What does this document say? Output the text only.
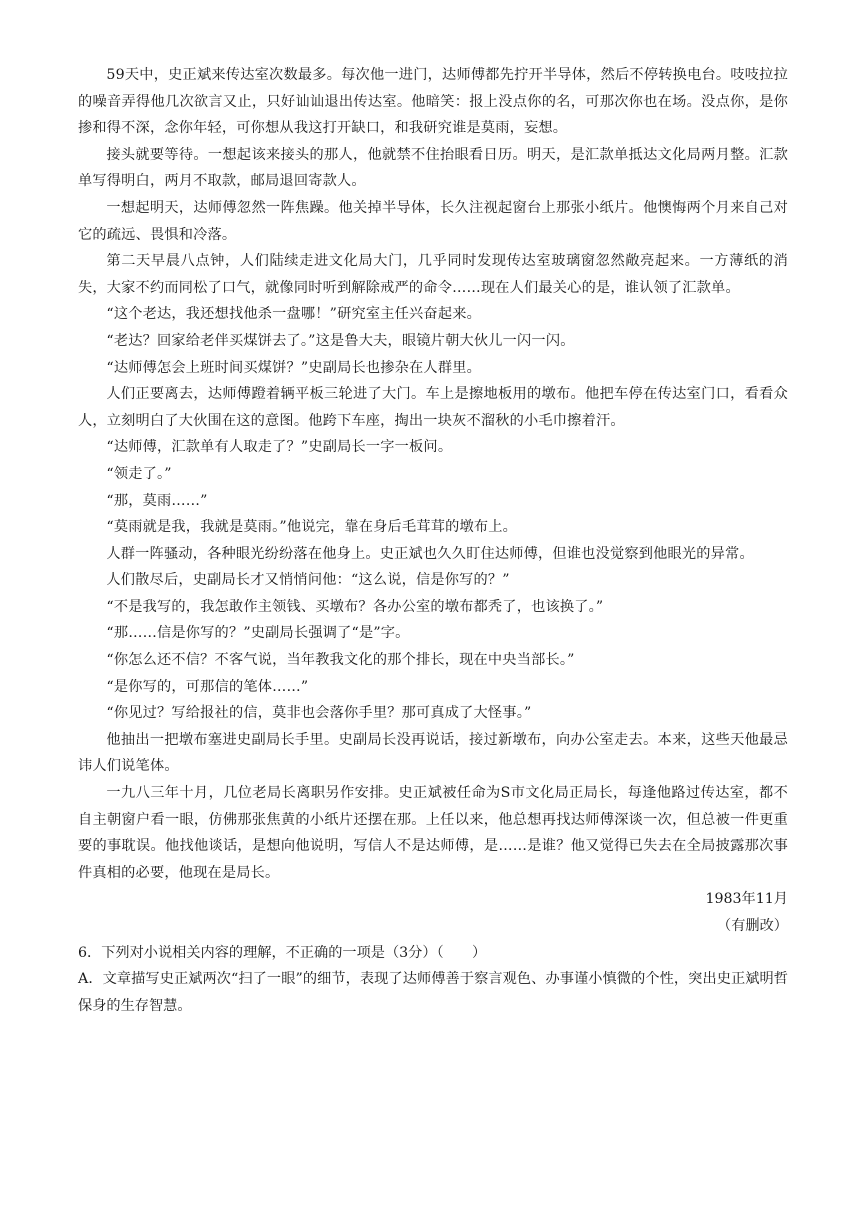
59天中，史正斌来传达室次数最多。每次他一进门，达师傅都先拧开半导体，然后不停转换电台。吱吱拉拉的噪音弄得他几次欲言又止，只好讪讪退出传达室。他暗笑：报上没点你的名，可那次你也在场。没点你，是你掺和得不深，念你年轻，可你想从我这打开缺口，和我研究谁是莫雨，妄想。

接头就要等待。一想起该来接头的那人，他就禁不住抬眼看日历。明天，是汇款单抵达文化局两月整。汇款单写得明白，两月不取款，邮局退回寄款人。

一想起明天，达师傅忽然一阵焦躁。他关掉半导体，长久注视起窗台上那张小纸片。他懊悔两个月来自己对它的疏远、畏惧和冷落。

第二天早晨八点钟，人们陆续走进文化局大门，几乎同时发现传达室玻璃窗忽然敞亮起来。一方薄纸的消失，大家不约而同松了口气，就像同时听到解除戒严的命令……现在人们最关心的是，谁认领了汇款单。

“这个老达，我还想找他杀一盘哪！”研究室主任兴奋起来。

“老达？回家给老伴买煤饼去了。”这是鲁大夫，眼镜片朝大伙儿一闪一闪。

“达师傅怎会上班时间买煤饼？”史副局长也掺杂在人群里。

人们正要离去，达师傅蹬着辆平板三轮进了大门。车上是擦地板用的墩布。他把车停在传达室门口，看看众人，立刻明白了大伙围在这的意图。他跨下车座，掏出一块灰不溜秋的小毛巾擦着汗。

“达师傅，汇款单有人取走了？”史副局长一字一板问。

“领走了。”

“那，莫雨……”

“莫雨就是我，我就是莫雨。”他说完，靠在身后毛茸茸的墩布上。

人群一阵骚动，各种眼光纷纷落在他身上。史正斌也久久盯住达师傅，但谁也没觉察到他眼光的异常。

人们散尽后，史副局长才又悄悄问他：“这么说，信是你写的？”

“不是我写的，我怎敢作主领钱、买墩布？各办公室的墩布都秃了，也该换了。”

“那……信是你写的？”史副局长强调了“是”字。

“你怎么还不信？不客气说，当年教我文化的那个排长，现在中央当部长。”

“是你写的，可那信的笔体……”

“你见过？写给报社的信，莫非也会落你手里？那可真成了大怪事。”

他抽出一把墩布塞进史副局长手里。史副局长没再说话，接过新墩布，向办公室走去。本来，这些天他最忌讳人们说笔体。

一九八三年十月，几位老局长离职另作安排。史正斌被任命为S市文化局正局长，每逢他路过传达室，都不自主朝窗户看一眼，仿佛那张焦黄的小纸片还摆在那。上任以来，他总想再找达师傅深谈一次，但总被一件更重要的事耽误。他找他谈话，是想向他说明，写信人不是达师傅，是……是谁？他又觉得已失去在全局披露那次事件真相的必要，他现在是局长。

1983年11月

（有删改）

6．下列对小说相关内容的理解，不正确的一项是（3分）（　　）

A．文章描写史正斌两次“扫了一眼”的细节，表现了达师傅善于察言观色、办事谨小慎微的个性，突出史正斌明哲保身的生存智慧。
